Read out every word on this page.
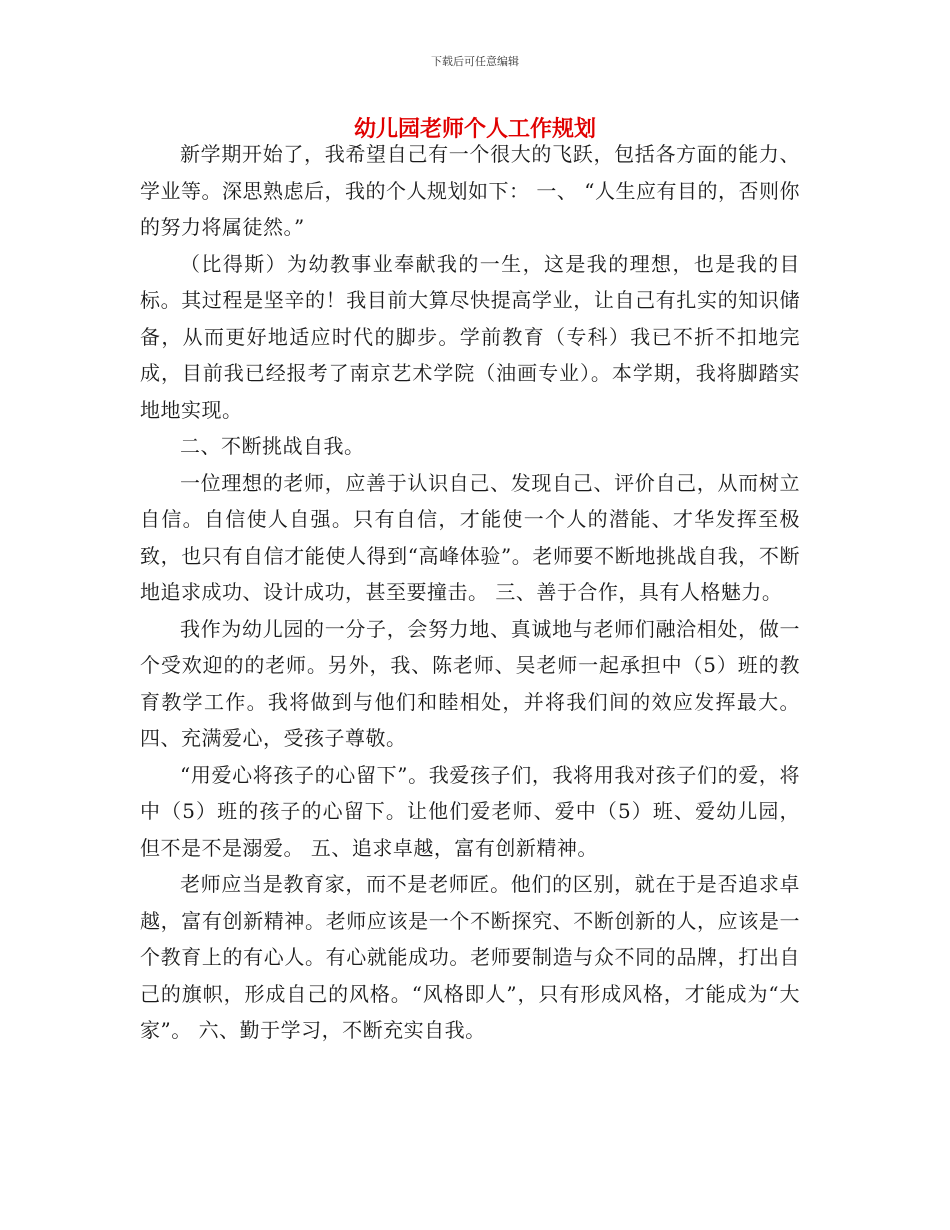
下载后可任意编辑
幼儿园老师个人工作规划

新学期开始了，我希望自己有一个很大的飞跃，包括各方面的能力、学业等。深思熟虑后，我的个人规划如下： 一、 “人生应有目的，否则你的努力将属徒然。”

（比得斯）为幼教事业奉献我的一生，这是我的理想，也是我的目标。其过程是坚辛的！我目前大算尽快提高学业，让自己有扎实的知识储备，从而更好地适应时代的脚步。学前教育（专科）我已不折不扣地完成，目前我已经报考了南京艺术学院（油画专业）。本学期，我将脚踏实地地实现。

二、不断挑战自我。

一位理想的老师，应善于认识自己、发现自己、评价自己，从而树立自信。自信使人自强。只有自信，才能使一个人的潜能、才华发挥至极致，也只有自信才能使人得到“高峰体验”。老师要不断地挑战自我，不断地追求成功、设计成功，甚至要撞击。 三、善于合作，具有人格魅力。

我作为幼儿园的一分子，会努力地、真诚地与老师们融洽相处，做一个受欢迎的的老师。另外，我、陈老师、吴老师一起承担中（5）班的教育教学工作。我将做到与他们和睦相处，并将我们间的效应发挥最大。 四、充满爱心，受孩子尊敬。

“用爱心将孩子的心留下”。我爱孩子们，我将用我对孩子们的爱，将中（5）班的孩子的心留下。让他们爱老师、爱中（5）班、爱幼儿园，但不是不是溺爱。 五、追求卓越，富有创新精神。

老师应当是教育家，而不是老师匠。他们的区别，就在于是否追求卓越，富有创新精神。老师应该是一个不断探究、不断创新的人，应该是一个教育上的有心人。有心就能成功。老师要制造与众不同的品牌，打出自己的旗帜，形成自己的风格。“风格即人”，只有形成风格，才能成为“大家”。 六、勤于学习，不断充实自我。
